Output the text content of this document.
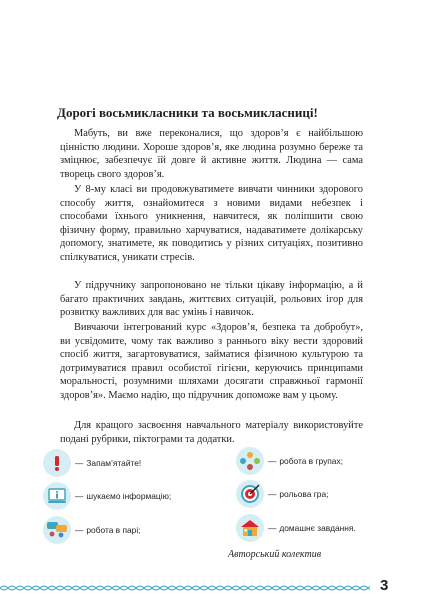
Дорогі восьмикласники та восьмикласниці!

Мабуть, ви вже переконалися, що здоров’я є найбільшою цінністю людини. Хороше здоров’я, яке людина розумно береже та зміцнює, забезпечує їй довге й активне життя. Людина — сама творець свого здоров’я.

У 8-му класі ви продовжуватимете вивчати чинники здорового способу життя, ознайомитеся з новими видами небезпек і способами їхнього уникнення, навчитеся, як поліпшити свою фізичну форму, правильно харчуватися, надаватимете долікарську допомогу, знатимете, як поводитись у різних ситуаціях, позитивно спілкуватися, уникати стресів.

У підручнику запропоновано не тільки цікаву інформацію, а й багато практичних завдань, життєвих ситуацій, рольових ігор для розвитку важливих для вас умінь і навичок.

Вивчаючи інтегрований курс «Здоров’я, безпека та добробут», ви усвідомите, чому так важливо з раннього віку вести здоровий спосіб життя, загартовуватися, займатися фізичною культурою та дотримуватися правил особистої гігієни, керуючись принципами моральності, розумними шляхами досягати справжньої гармонії здоров’я». Маємо надію, що підручник допоможе вам у цьому.

Для кращого засвоєння навчального матеріалу використовуйте подані рубрики, піктограми та додатки.

— Запам’ятайте!
— шукаємо інформацію;
— робота в парі;
— робота в групах;
— рольова гра;
— домашнє завдання.

Авторський колектив

3
